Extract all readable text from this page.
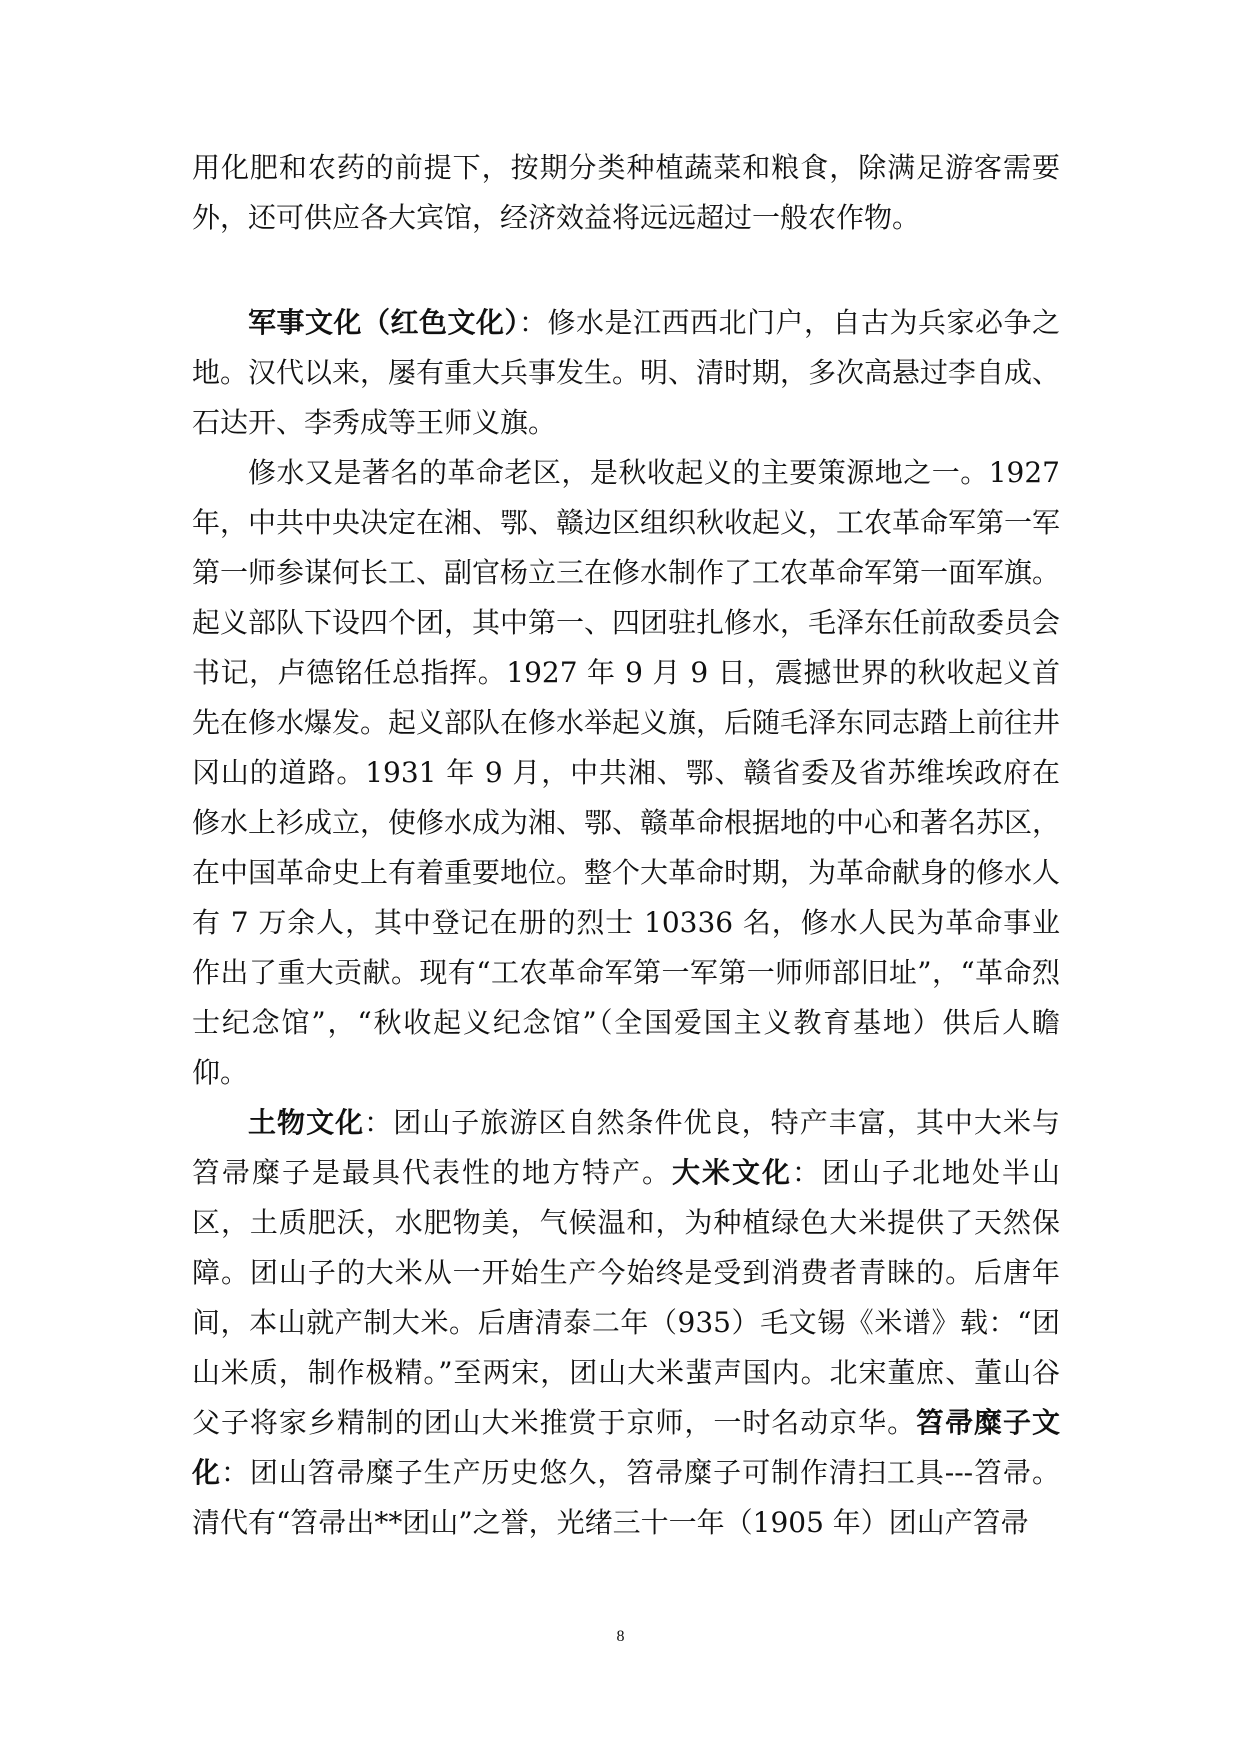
用化肥和农药的前提下，按期分类种植蔬菜和粮食，除满足游客需要外，还可供应各大宾馆，经济效益将远远超过一般农作物。

军事文化（红色文化）：修水是江西西北门户，自古为兵家必争之地。汉代以来，屡有重大兵事发生。明、清时期，多次高悬过李自成、石达开、李秀成等王师义旗。

修水又是著名的革命老区，是秋收起义的主要策源地之一。1927年，中共中央决定在湘、鄂、赣边区组织秋收起义，工农革命军第一军第一师参谋何长工、副官杨立三在修水制作了工农革命军第一面军旗。起义部队下设四个团，其中第一、四团驻扎修水，毛泽东任前敌委员会书记，卢德铭任总指挥。1927 年 9 月 9 日，震撼世界的秋收起义首先在修水爆发。起义部队在修水举起义旗，后随毛泽东同志踏上前往井冈山的道路。1931 年 9 月，中共湘、鄂、赣省委及省苏维埃政府在修水上衫成立，使修水成为湘、鄂、赣革命根据地的中心和著名苏区，在中国革命史上有着重要地位。整个大革命时期，为革命献身的修水人有 7 万余人，其中登记在册的烈士 10336 名，修水人民为革命事业作出了重大贡献。现有“工农革命军第一军第一师师部旧址”，“革命烈士纪念馆”，“秋收起义纪念馆”（全国爱国主义教育基地）供后人瞻仰。

土物文化：团山子旅游区自然条件优良，特产丰富，其中大米与笤帚糜子是最具代表性的地方特产。大米文化：团山子北地处半山区，土质肥沃，水肥物美，气候温和，为种植绿色大米提供了天然保障。团山子的大米从一开始生产今始终是受到消费者青睐的。后唐年间，本山就产制大米。后唐清泰二年（935）毛文锡《米谱》载：“团山米质，制作极精。”至两宋，团山大米蜚声国内。北宋董庶、董山谷父子将家乡精制的团山大米推赏于京师，一时名动京华。笤帚糜子文化：团山笤帚糜子生产历史悠久，笤帚糜子可制作清扫工具---笤帚。清代有“笤帚出**团山”之誉，光绪三十一年（1905 年）团山产笤帚

8
